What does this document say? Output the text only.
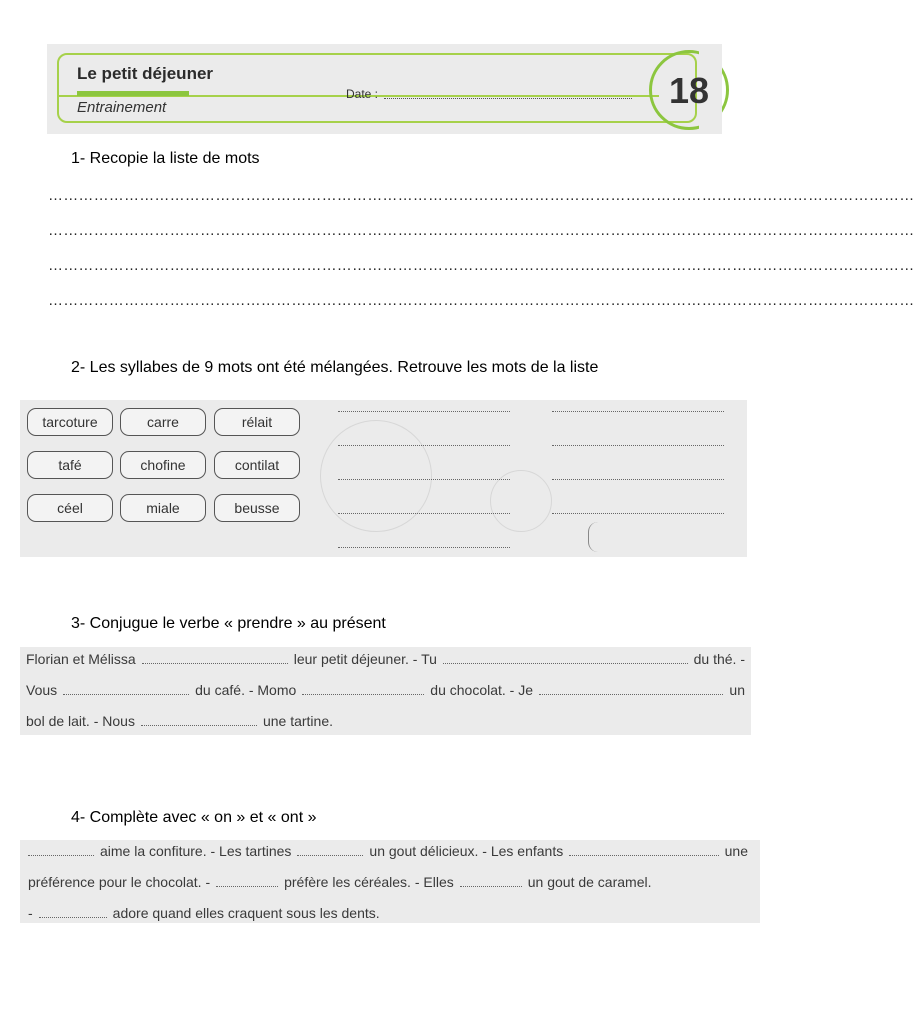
Le petit déjeuner
Entrainement
Date :	18
1- Recopie la liste de mots
………………………………………………………………………………………………………………………………………………………
………………………………………………………………………………………………………………………………………………………
………………………………………………………………………………………………………………………………………………………
………………………………………………………………………………………………………………………………………………………
2- Les syllabes de 9 mots ont été mélangées. Retrouve les mots de la liste
tarcoture	carre	rélait
tafé	chofine	contilat
céel	miale	beusse
3- Conjugue le verbe « prendre » au présent
Florian et Mélissa	leur petit déjeuner. - Tu	du thé. -
Vous	du café. - Momo	du chocolat. - Je	un
bol de lait. - Nous	une tartine.
4- Complète avec « on » et « ont »
aime la confiture. - Les tartines	un gout délicieux. - Les enfants	une
préférence pour le chocolat. -	préfère les céréales. - Elles	un gout de caramel.
-	adore quand elles craquent sous les dents.
